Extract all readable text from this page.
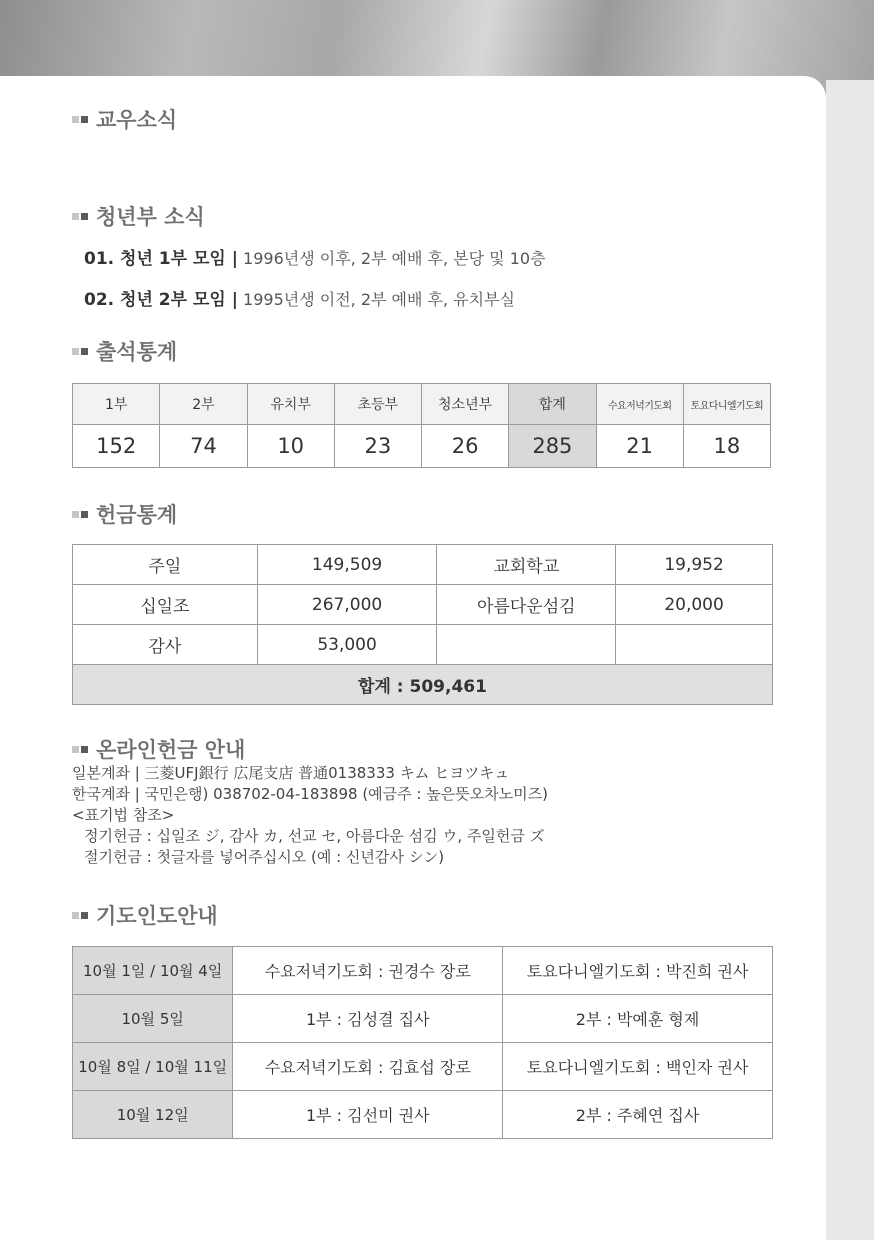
교우소식
청년부 소식
01. 청년 1부 모임 | 1996년생 이후, 2부 예배 후, 본당 및 10층
02. 청년 2부 모임 | 1995년생 이전, 2부 예배 후, 유치부실
출석통계
1부	2부	유치부	초등부	청소년부	합계	수요저녁기도회	토요다니엘기도회
152	74	10	23	26	285	21	18
헌금통계
주일	149,509	교회학교	19,952
십일조	267,000	아름다운섬김	20,000
감사	53,000		
합계 : 509,461			
온라인헌금 안내
일본계좌 | 三菱UFJ銀行 広尾支店 普通0138333 キム ヒヨツキュ
한국계좌 | 국민은행) 038702-04-183898 (예금주 : 높은뜻오차노미즈)
<표기법 참조>
정기헌금 : 십일조 ジ, 감사 カ, 선교 セ, 아름다운 섬김 ウ, 주일헌금 ズ
절기헌금 : 첫글자를 넣어주십시오 (예 : 신년감사 シン)
기도인도안내
10월 1일 / 10월 4일	수요저녁기도회 : 권경수 장로	토요다니엘기도회 : 박진희 권사
10월 5일	1부 : 김성결 집사	2부 : 박예훈 형제
10월 8일 / 10월 11일	수요저녁기도회 : 김효섭 장로	토요다니엘기도회 : 백인자 권사
10월 12일	1부 : 김선미 권사	2부 : 주혜연 집사
